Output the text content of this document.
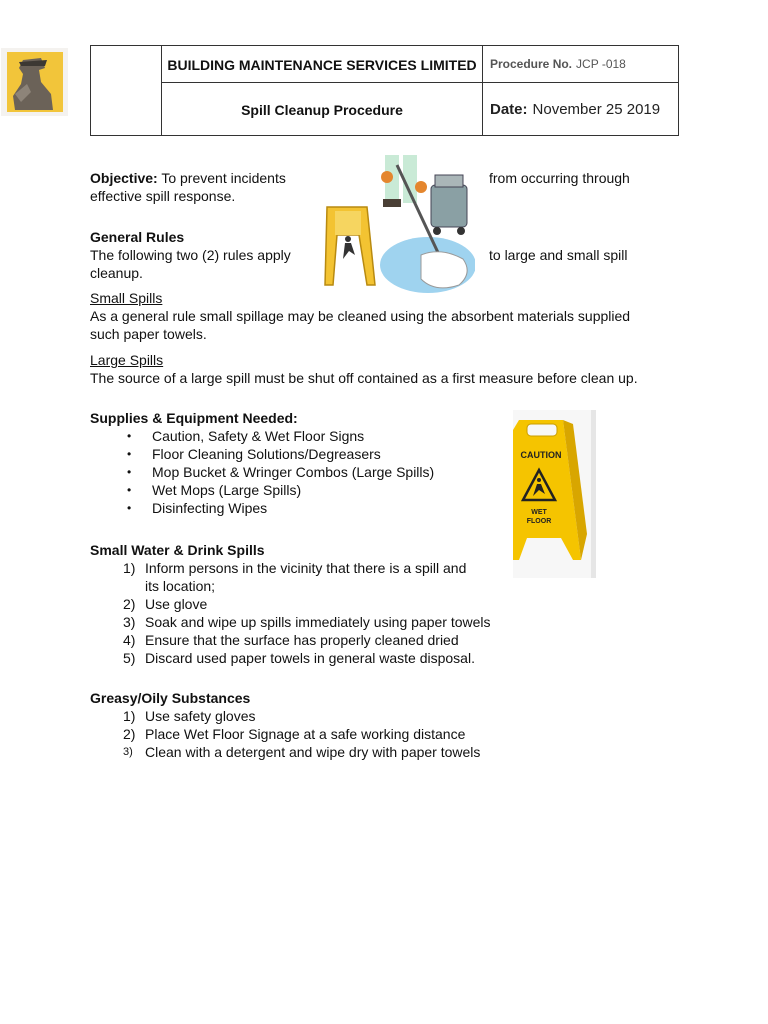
BUILDING MAINTENANCE SERVICES LIMITED
Spill Cleanup Procedure
Procedure No. JCP -018
Date: November 25 2019
Objective: To prevent incidents	from occurring through
effective spill response.
General Rules
The following two (2) rules apply	to large and small spill
cleanup.
Small Spills
As a general rule small spillage may be cleaned using the absorbent materials supplied
such paper towels.
Large Spills
The source of a large spill must be shut off contained as a first measure before clean up.
Supplies & Equipment Needed:
• Caution, Safety & Wet Floor Signs
• Floor Cleaning Solutions/Degreasers
• Mop Bucket & Wringer Combos (Large Spills)
• Wet Mops (Large Spills)
• Disinfecting Wipes
CAUTION
WET
FLOOR
Small Water & Drink Spills
1) Inform persons in the vicinity that there is a spill and
its location;
2) Use glove
3) Soak and wipe up spills immediately using paper towels
4) Ensure that the surface has properly cleaned dried
5) Discard used paper towels in general waste disposal.
Greasy/Oily Substances
1) Use safety gloves
2) Place Wet Floor Signage at a safe working distance
3) Clean with a detergent and wipe dry with paper towels
